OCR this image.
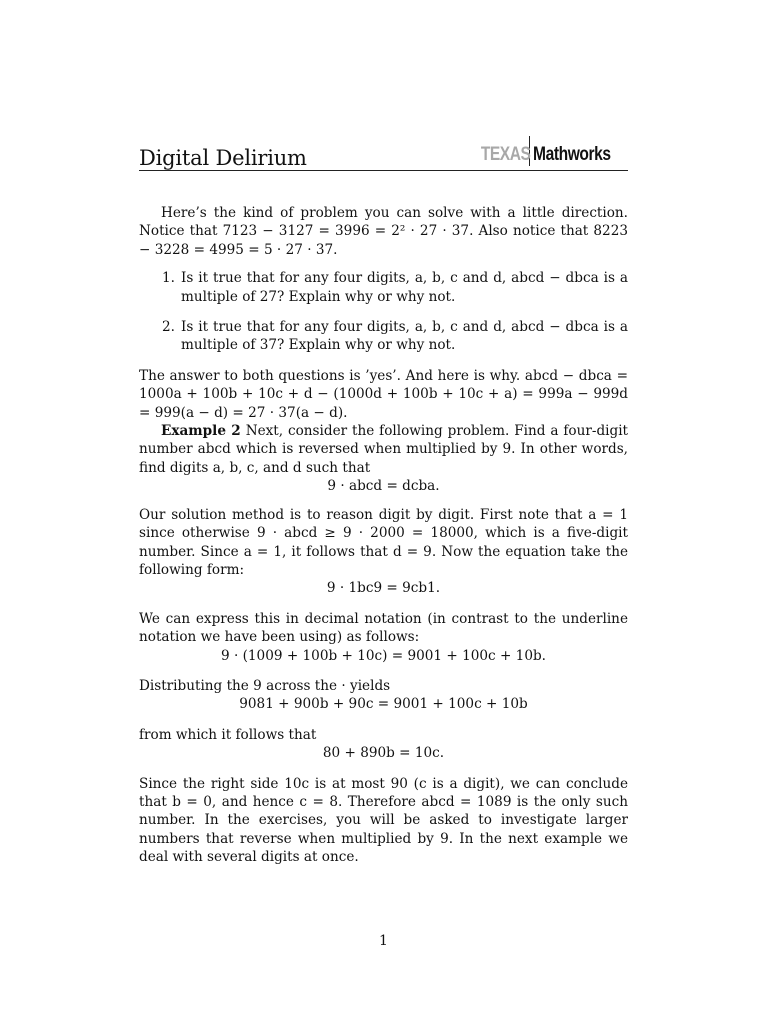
Digital Delirium	TEXAS Mathworks

Here’s the kind of problem you can solve with a little direction. Notice that 7123 − 3127 = 3996 = 2² · 27 · 37. Also notice that 8223 − 3228 = 4995 = 5 · 27 · 37.

1. Is it true that for any four digits, a, b, c and d, abcd − dbca is a multiple of 27? Explain why or why not.
2. Is it true that for any four digits, a, b, c and d, abcd − dbca is a multiple of 37? Explain why or why not.

The answer to both questions is ’yes’. And here is why. abcd − dbca = 1000a + 100b + 10c + d − (1000d + 100b + 10c + a) = 999a − 999d = 999(a − d) = 27 · 37(a − d).

Example 2 Next, consider the following problem. Find a four-digit number abcd which is reversed when multiplied by 9. In other words, find digits a, b, c, and d such that

9 · abcd = dcba.

Our solution method is to reason digit by digit. First note that a = 1 since otherwise 9 · abcd ≥ 9 · 2000 = 18000, which is a five-digit number. Since a = 1, it follows that d = 9. Now the equation take the following form:

9 · 1bc9 = 9cb1.

We can express this in decimal notation (in contrast to the underline notation we have been using) as follows:

9 · (1009 + 100b + 10c) = 9001 + 100c + 10b.

Distributing the 9 across the · yields

9081 + 900b + 90c = 9001 + 100c + 10b

from which it follows that

80 + 890b = 10c.

Since the right side 10c is at most 90 (c is a digit), we can conclude that b = 0, and hence c = 8. Therefore abcd = 1089 is the only such number. In the exercises, you will be asked to investigate larger numbers that reverse when multiplied by 9. In the next example we deal with several digits at once.

1
